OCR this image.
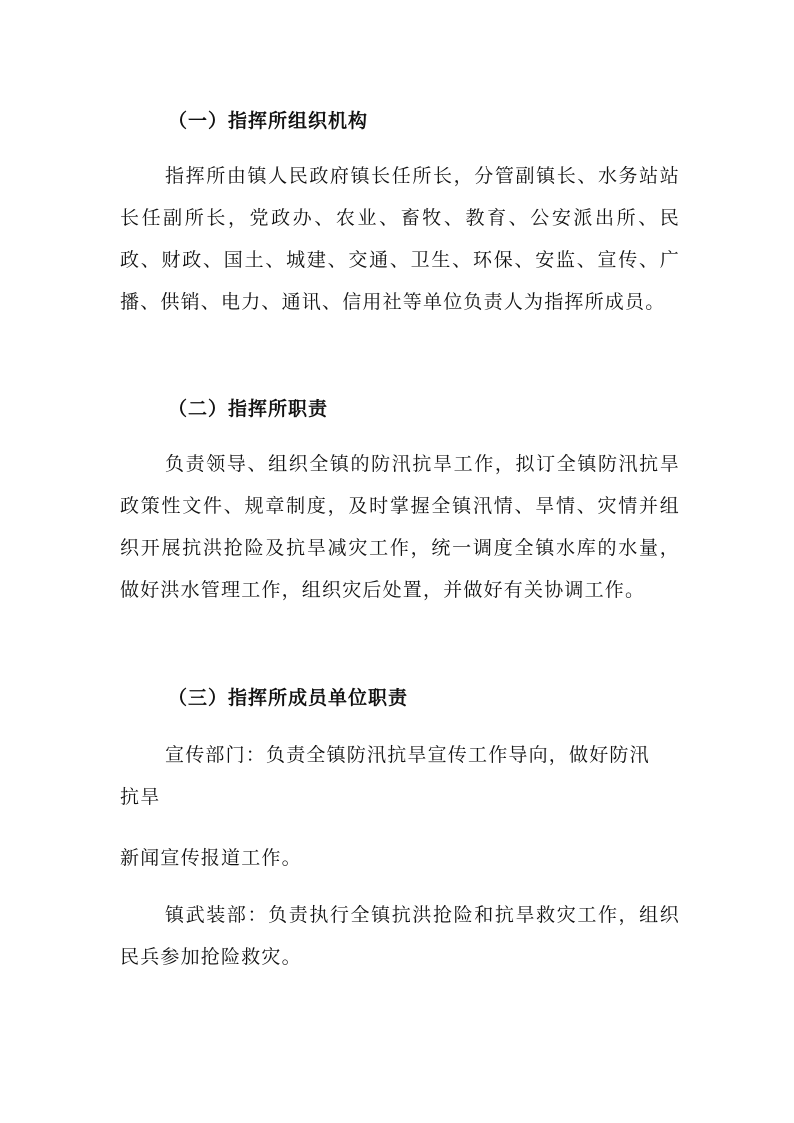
（一）指挥所组织机构

指挥所由镇人民政府镇长任所长，分管副镇长、水务站站长任副所长，党政办、农业、畜牧、教育、公安派出所、民政、财政、国土、城建、交通、卫生、环保、安监、宣传、广播、供销、电力、通讯、信用社等单位负责人为指挥所成员。

（二）指挥所职责

负责领导、组织全镇的防汛抗旱工作，拟订全镇防汛抗旱政策性文件、规章制度，及时掌握全镇汛情、旱情、灾情并组织开展抗洪抢险及抗旱减灾工作，统一调度全镇水库的水量，做好洪水管理工作，组织灾后处置，并做好有关协调工作。

（三）指挥所成员单位职责
宣传部门：负责全镇防汛抗旱宣传工作导向，做好防汛
抗旱
新闻宣传报道工作。

镇武装部：负责执行全镇抗洪抢险和抗旱救灾工作，组织民兵参加抢险救灾。
